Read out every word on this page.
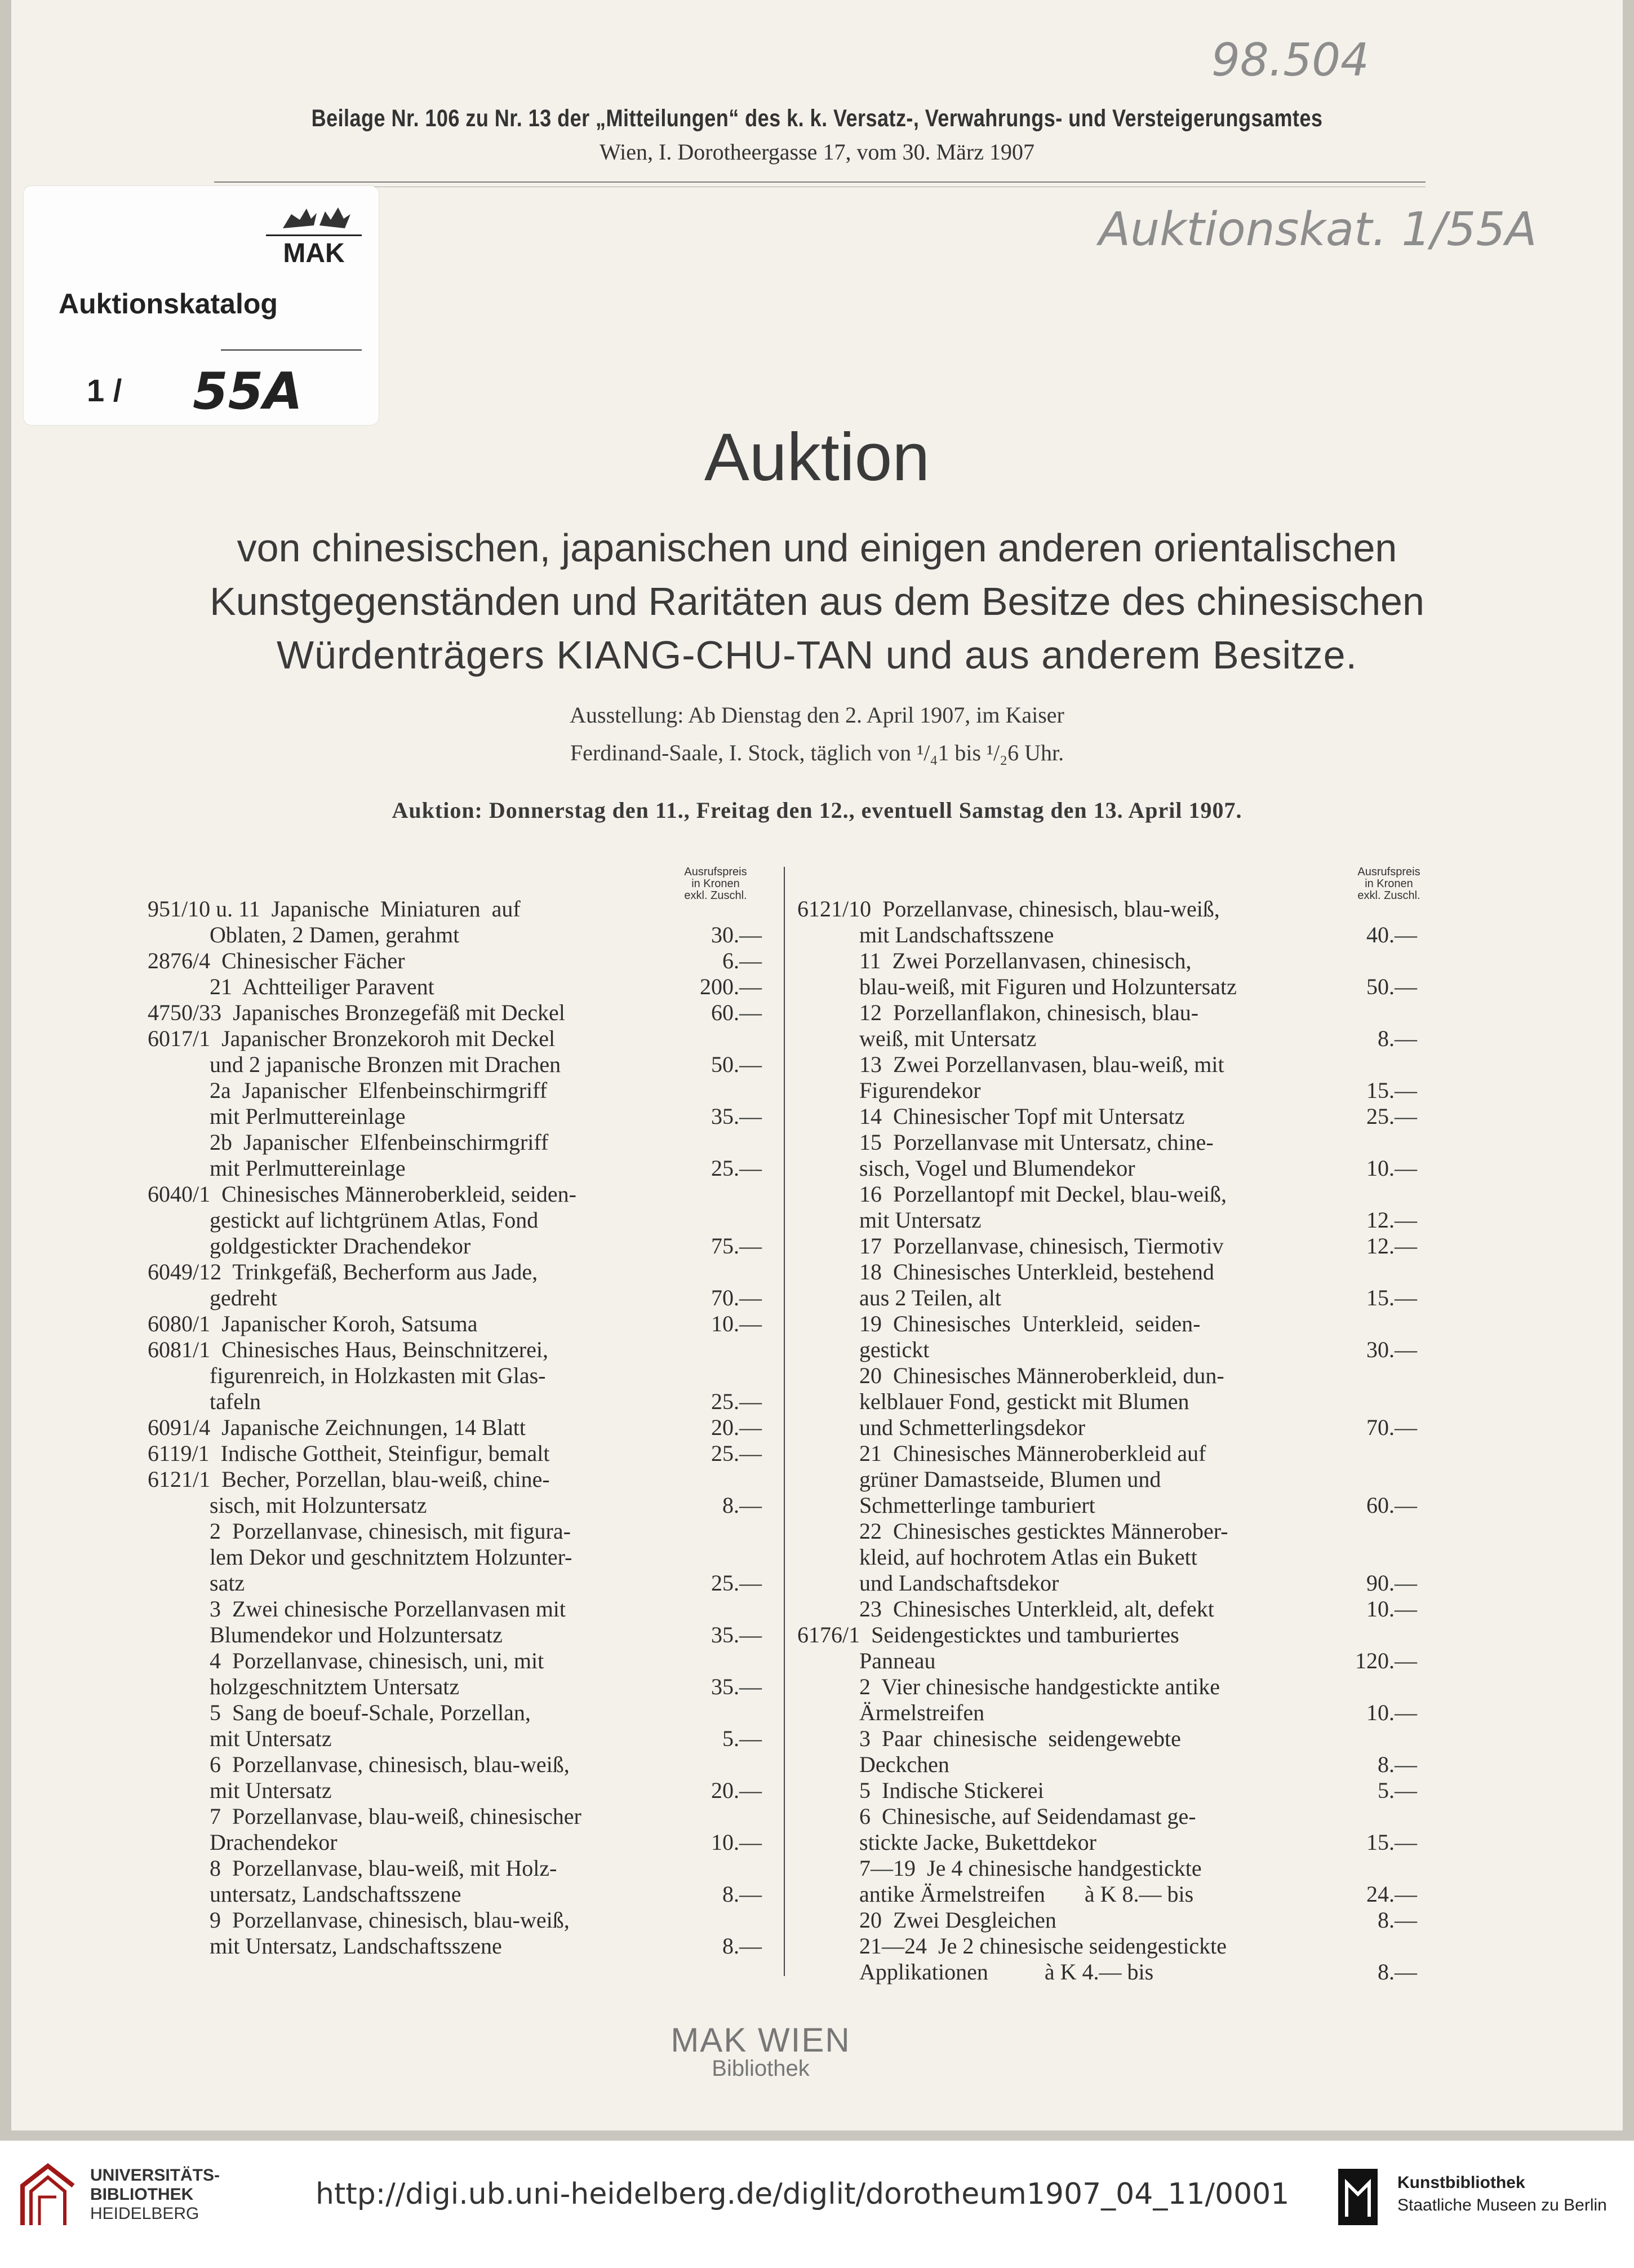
98.504
Auktionskat. 1/55A
Beilage Nr. 106 zu Nr. 13 der „Mitteilungen“ des k. k. Versatz-, Verwahrungs- und Versteigerungsamtes
Wien, I. Dorotheergasse 17, vom 30. März 1907
MAK
Auktionskatalog
1 / 55A
Auktion
von chinesischen, japanischen und einigen anderen orientalischen
Kunstgegenständen und Raritäten aus dem Besitze des chinesischen
Würdenträgers KIANG-CHU-TAN und aus anderem Besitze.
Ausstellung: Ab Dienstag den 2. April 1907, im Kaiser
Ferdinand-Saale, I. Stock, täglich von ¹/₄1 bis ¹/₂6 Uhr.
Auktion: Donnerstag den 11., Freitag den 12., eventuell Samstag den 13. April 1907.
Ausrufspreis
in Kronen
exkl. Zuschl.
Ausrufspreis
in Kronen
exkl. Zuschl.
951/10 u. 11  Japanische  Miniaturen  auf
Oblaten, 2 Damen, gerahmt	30.—
2876/4  Chinesischer Fächer	6.—
21  Achtteiliger Paravent	200.—
4750/33  Japanisches Bronzegefäß mit Deckel	60.—
6017/1  Japanischer Bronzekoroh mit Deckel
und 2 japanische Bronzen mit Drachen	50.—
2a  Japanischer  Elfenbeinschirmgriff
mit Perlmuttereinlage	35.—
2b  Japanischer  Elfenbeinschirmgriff
mit Perlmuttereinlage	25.—
6040/1  Chinesisches Männeroberkleid, seiden-
gestickt auf lichtgrünem Atlas, Fond
goldgestickter Drachendekor	75.—
6049/12  Trinkgefäß, Becherform aus Jade,
gedreht	70.—
6080/1  Japanischer Koroh, Satsuma	10.—
6081/1  Chinesisches Haus, Beinschnitzerei,
figurenreich, in Holzkasten mit Glas-
tafeln	25.—
6091/4  Japanische Zeichnungen, 14 Blatt	20.—
6119/1  Indische Gottheit, Steinfigur, bemalt	25.—
6121/1  Becher, Porzellan, blau-weiß, chine-
sisch, mit Holzuntersatz	8.—
2  Porzellanvase, chinesisch, mit figura-
lem Dekor und geschnitztem Holzunter-
satz	25.—
3  Zwei chinesische Porzellanvasen mit
Blumendekor und Holzuntersatz	35.—
4  Porzellanvase, chinesisch, uni, mit
holzgeschnitztem Untersatz	35.—
5  Sang de boeuf-Schale, Porzellan,
mit Untersatz	5.—
6  Porzellanvase, chinesisch, blau-weiß,
mit Untersatz	20.—
7  Porzellanvase, blau-weiß, chinesischer
Drachendekor	10.—
8  Porzellanvase, blau-weiß, mit Holz-
untersatz, Landschaftsszene	8.—
9  Porzellanvase, chinesisch, blau-weiß,
mit Untersatz, Landschaftsszene	8.—
6121/10  Porzellanvase, chinesisch, blau-weiß,
mit Landschaftsszene	40.—
11  Zwei Porzellanvasen, chinesisch,
blau-weiß, mit Figuren und Holzuntersatz	50.—
12  Porzellanflakon, chinesisch, blau-
weiß, mit Untersatz	8.—
13  Zwei Porzellanvasen, blau-weiß, mit
Figurendekor	15.—
14  Chinesischer Topf mit Untersatz	25.—
15  Porzellanvase mit Untersatz, chine-
sisch, Vogel und Blumendekor	10.—
16  Porzellantopf mit Deckel, blau-weiß,
mit Untersatz	12.—
17  Porzellanvase, chinesisch, Tiermotiv	12.—
18  Chinesisches Unterkleid, bestehend
aus 2 Teilen, alt	15.—
19  Chinesisches  Unterkleid,  seiden-
gestickt	30.—
20  Chinesisches Männeroberkleid, dun-
kelblauer Fond, gestickt mit Blumen
und Schmetterlingsdekor	70.—
21  Chinesisches Männeroberkleid auf
grüner Damastseide, Blumen und
Schmetterlinge tamburiert	60.—
22  Chinesisches gesticktes Männerober-
kleid, auf hochrotem Atlas ein Bukett
und Landschaftsdekor	90.—
23  Chinesisches Unterkleid, alt, defekt	10.—
6176/1  Seidengesticktes und tamburiertes
Panneau	120.—
2  Vier chinesische handgestickte antike
Ärmelstreifen	10.—
3  Paar  chinesische  seidengewebte
Deckchen	8.—
5  Indische Stickerei	5.—
6  Chinesische, auf Seidendamast ge-
stickte Jacke, Bukettdekor	15.—
7—19  Je 4 chinesische handgestickte
antike Ärmelstreifen       à K 8.— bis	24.—
20  Zwei Desgleichen	8.—
21—24  Je 2 chinesische seidengestickte
Applikationen          à K 4.— bis	8.—
MAK WIEN
Bibliothek
UNIVERSITÄTS-
BIBLIOTHEK
HEIDELBERG
http://digi.ub.uni-heidelberg.de/diglit/dorotheum1907_04_11/0001	Kunstbibliothek
Staatliche Museen zu Berlin
